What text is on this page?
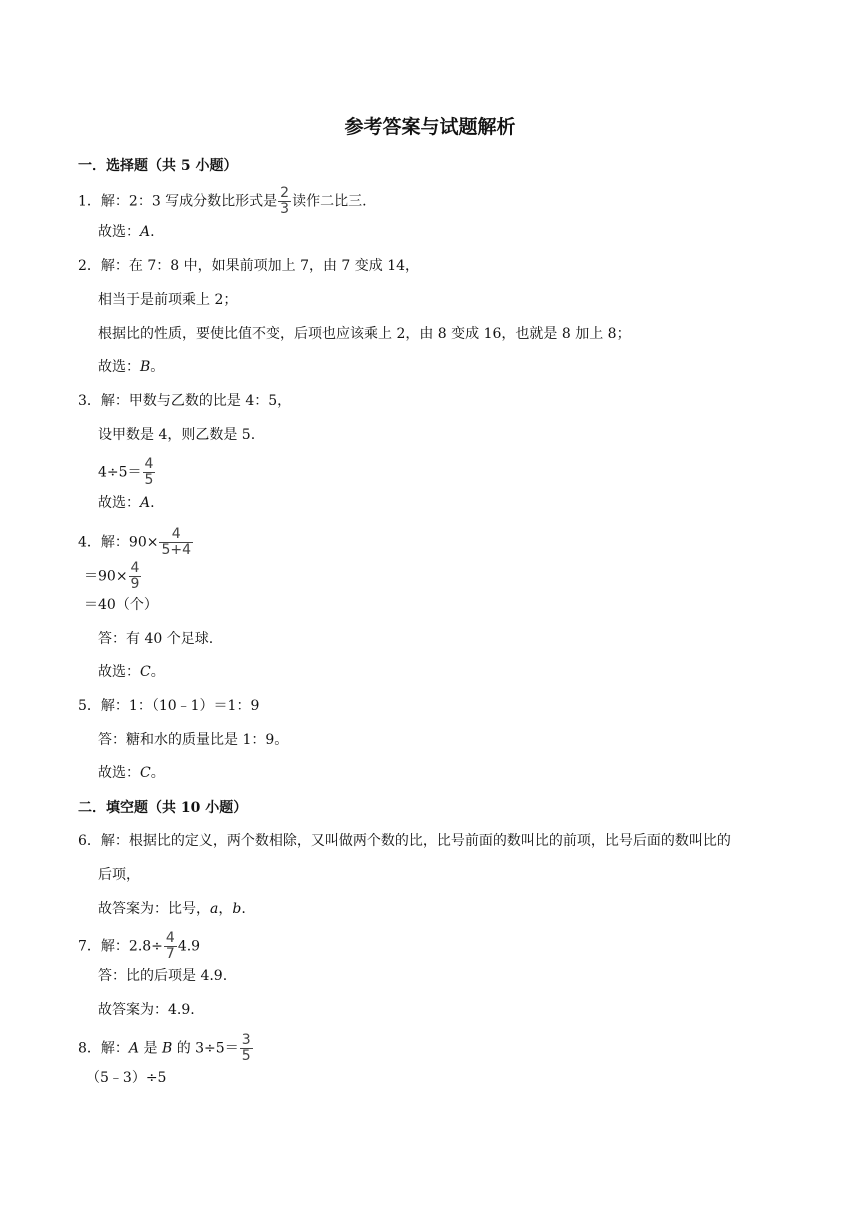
参考答案与试题解析
一．选择题（共 5 小题）
1．解：2：3 写成分数比形式是 $\frac{2}{3}$ 读作二比三.
故选：A.
2．解：在 7：8 中，如果前项加上 7，由 7 变成 14，
相当于是前项乘上 2；
根据比的性质，要使比值不变，后项也应该乘上 2，由 8 变成 16，也就是 8 加上 8；
故选：B。
3．解：甲数与乙数的比是 4：5，
设甲数是 4，则乙数是 5.
$4\div 5= \frac{4}{5}$
故选：A.
4．解：$90\times \frac{4}{5+4}$
$=90\times \frac{4}{9}$
＝40（个）
答：有 40 个足球.
故选：C。
5．解：1：（10﹣1）＝1：9
答：糖和水的质量比是 1：9。
故选：C。
二．填空题（共 10 小题）
6．解：根据比的定义，两个数相除，又叫做两个数的比，比号前面的数叫比的前项，比号后面的数叫比的
后项，
故答案为：比号，a，b.
7．解：$2.8\div \frac{4}{7} 4.9$
答：比的后项是 4.9.
故答案为：4.9.
8．解：A 是 B 的 $3\div 5= \frac{3}{5}$
（5﹣3）÷5
